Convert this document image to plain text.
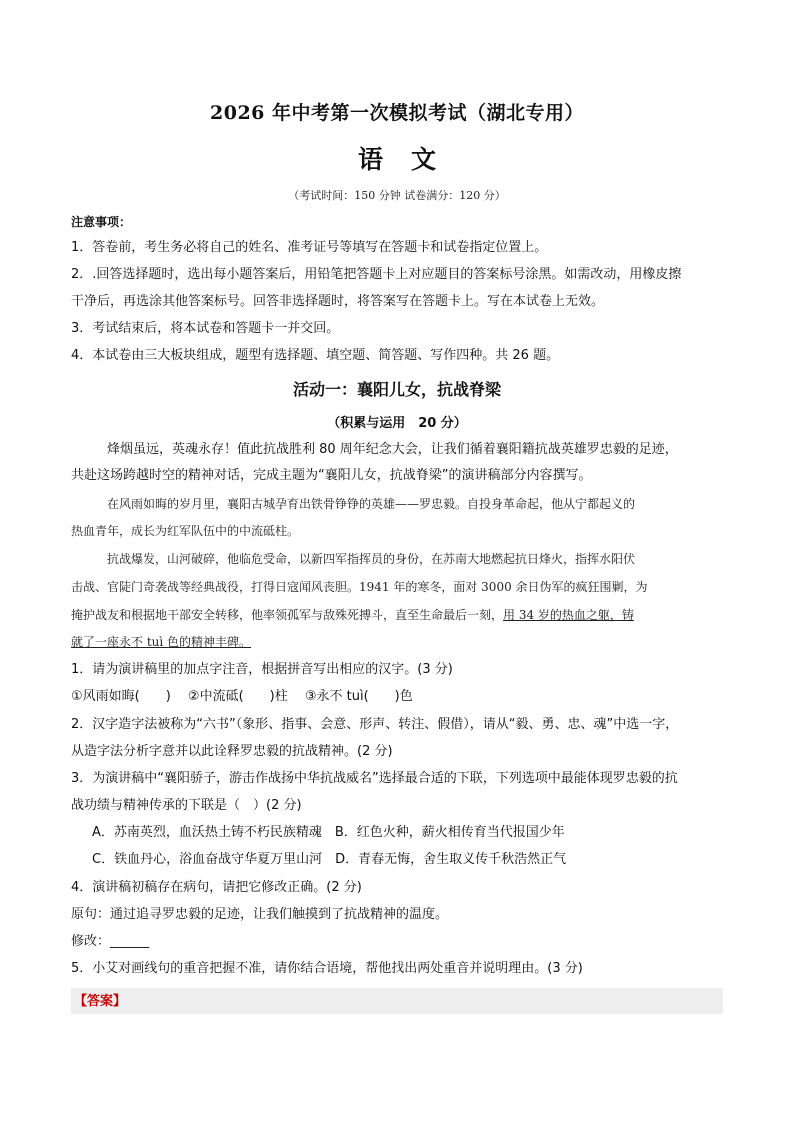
2026 年中考第一次模拟考试（湖北专用）
语 文
（考试时间：150 分钟 试卷满分：120 分）
注意事项：
1．答卷前，考生务必将自己的姓名、准考证号等填写在答题卡和试卷指定位置上。
2．.回答选择题时，选出每小题答案后，用铅笔把答题卡上对应题目的答案标号涂黑。如需改动，用橡皮擦
干净后，再选涂其他答案标号。回答非选择题时，将答案写在答题卡上。写在本试卷上无效。
3．考试结束后，将本试卷和答题卡一并交回。
4．本试卷由三大板块组成，题型有选择题、填空题、简答题、写作四种。共 26 题。
活动一：襄阳儿女，抗战脊梁
（积累与运用　20 分）
烽烟虽远，英魂永存！值此抗战胜利 80 周年纪念大会，让我们循着襄阳籍抗战英雄罗忠毅的足迹，
共赴这场跨越时空的精神对话，完成主题为“襄阳儿女，抗战脊梁”的演讲稿部分内容撰写。
在风雨如晦的岁月里，襄阳古城孕育出铁骨铮铮的英雄——罗忠毅。自投身革命起，他从宁都起义的
热血青年，成长为红军队伍中的中流砥柱。
抗战爆发，山河破碎，他临危受命，以新四军指挥员的身份，在苏南大地燃起抗日烽火，指挥水阳伏
击战、官陡门奇袭战等经典战役，打得日寇闻风丧胆。1941 年的寒冬，面对 3000 余日伪军的疯狂围剿，为
掩护战友和根据地干部安全转移，他率领孤军与敌殊死搏斗，直至生命最后一刻，用 34 岁的热血之躯，铸
就了一座永不 tuì 色的精神丰碑。
1．请为演讲稿里的加点字注音，根据拼音写出相应的汉字。(3 分)
①风雨如晦(　　)　 ②中流砥(　　)柱　 ③永不 tuì(　　)色
2．汉字造字法被称为“六书”（象形、指事、会意、形声、转注、假借），请从“毅、勇、忠、魂”中选一字，
从造字法分析字意并以此诠释罗忠毅的抗战精神。(2 分)
3．为演讲稿中“襄阳骄子，游击作战扬中华抗战威名”选择最合适的下联，下列选项中最能体现罗忠毅的抗
战功绩与精神传承的下联是（　）(2 分)
A．苏南英烈，血沃热土铸不朽民族精魂　B．红色火种，薪火相传育当代报国少年
C．铁血丹心，浴血奋战守华夏万里山河　D．青春无悔，舍生取义传千秋浩然正气
4．演讲稿初稿存在病句，请把它修改正确。(2 分)
原句：通过追寻罗忠毅的足迹，让我们触摸到了抗战精神的温度。
修改：______
5．小艾对画线句的重音把握不准，请你结合语境，帮他找出两处重音并说明理由。(3 分)
【答案】
